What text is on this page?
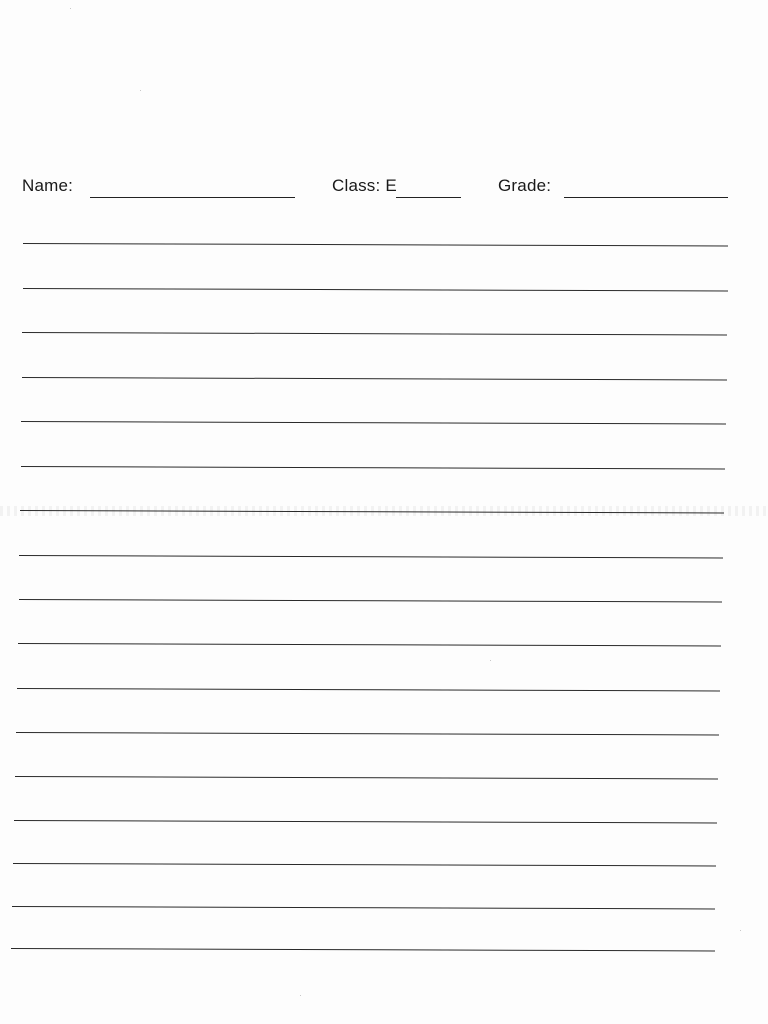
Name:	Class: E	Grade:
